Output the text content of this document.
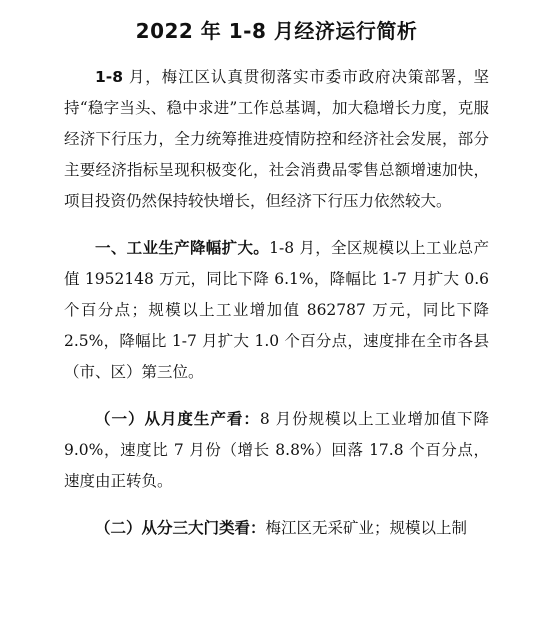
2022 年 1-8 月经济运行简析

1-8 月，梅江区认真贯彻落实市委市政府决策部署，坚持“稳字当头、稳中求进”工作总基调，加大稳增长力度，克服经济下行压力，全力统筹推进疫情防控和经济社会发展，部分主要经济指标呈现积极变化，社会消费品零售总额增速加快，项目投资仍然保持较快增长，但经济下行压力依然较大。

一、工业生产降幅扩大。1-8 月，全区规模以上工业总产值 1952148 万元，同比下降 6.1%，降幅比 1-7 月扩大 0.6 个百分点；规模以上工业增加值 862787 万元，同比下降 2.5%，降幅比 1-7 月扩大 1.0 个百分点，速度排在全市各县（市、区）第三位。

（一）从月度生产看：8 月份规模以上工业增加值下降 9.0%，速度比 7 月份（增长 8.8%）回落 17.8 个百分点，速度由正转负。

（二）从分三大门类看：梅江区无采矿业；规模以上制
